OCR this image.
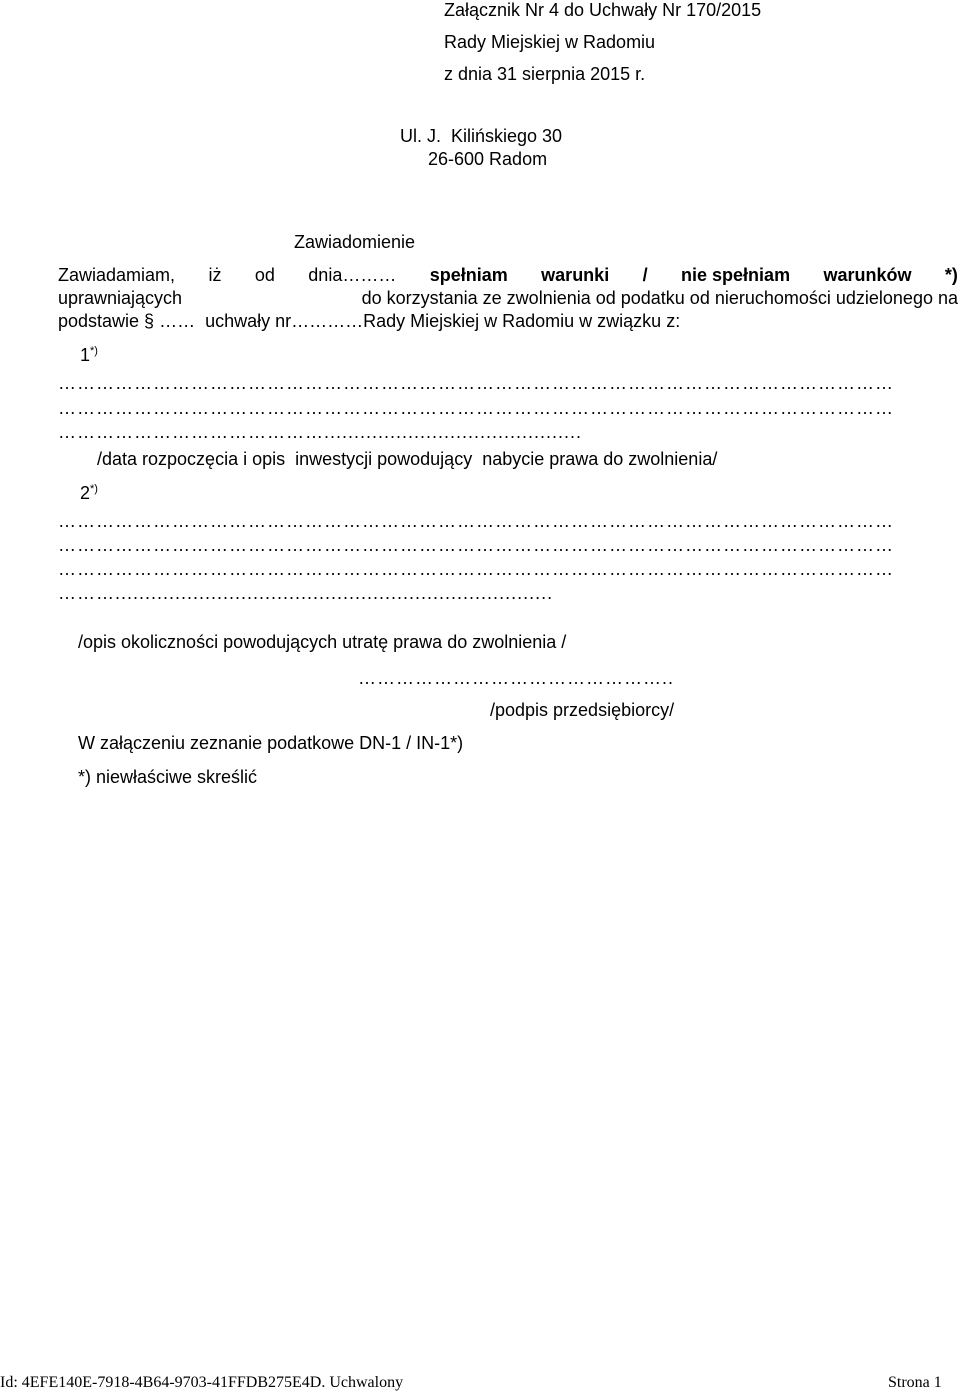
Załącznik Nr 4 do Uchwały Nr 170/2015
Rady Miejskiej w Radomiu
z dnia 31 sierpnia 2015 r.
Ul. J.  Kilińskiego 30
26-600 Radom
Zawiadomienie
Zawiadamiam, iż od dnia……… spełniam warunki / nie spełniam warunków *)
uprawniających	do korzystania ze zwolnienia od podatku od nieruchomości udzielonego na
podstawie § ……  uchwały nr…………Rady Miejskiej w Radomiu w związku z:
1*)
……………………………………………………………………………………………………………………
……………………………………………………………………………………………………………………
……………………………………...........................................
/data rozpoczęcia i opis  inwestycji powodujący  nabycie prawa do zwolnienia/
2*)
……………………………………………………………………………………………………………………
……………………………………………………………………………………………………………………
……………………………………………………………………………………………………………………
……….........................................................................
/opis okoliczności powodujących utratę prawa do zwolnienia /
…………………………………………..
/podpis przedsiębiorcy/
W załączeniu zeznanie podatkowe DN-1 / IN-1*)
*) niewłaściwe skreślić
Id: 4EFE140E-7918-4B64-9703-41FFDB275E4D. Uchwalony	Strona 1
